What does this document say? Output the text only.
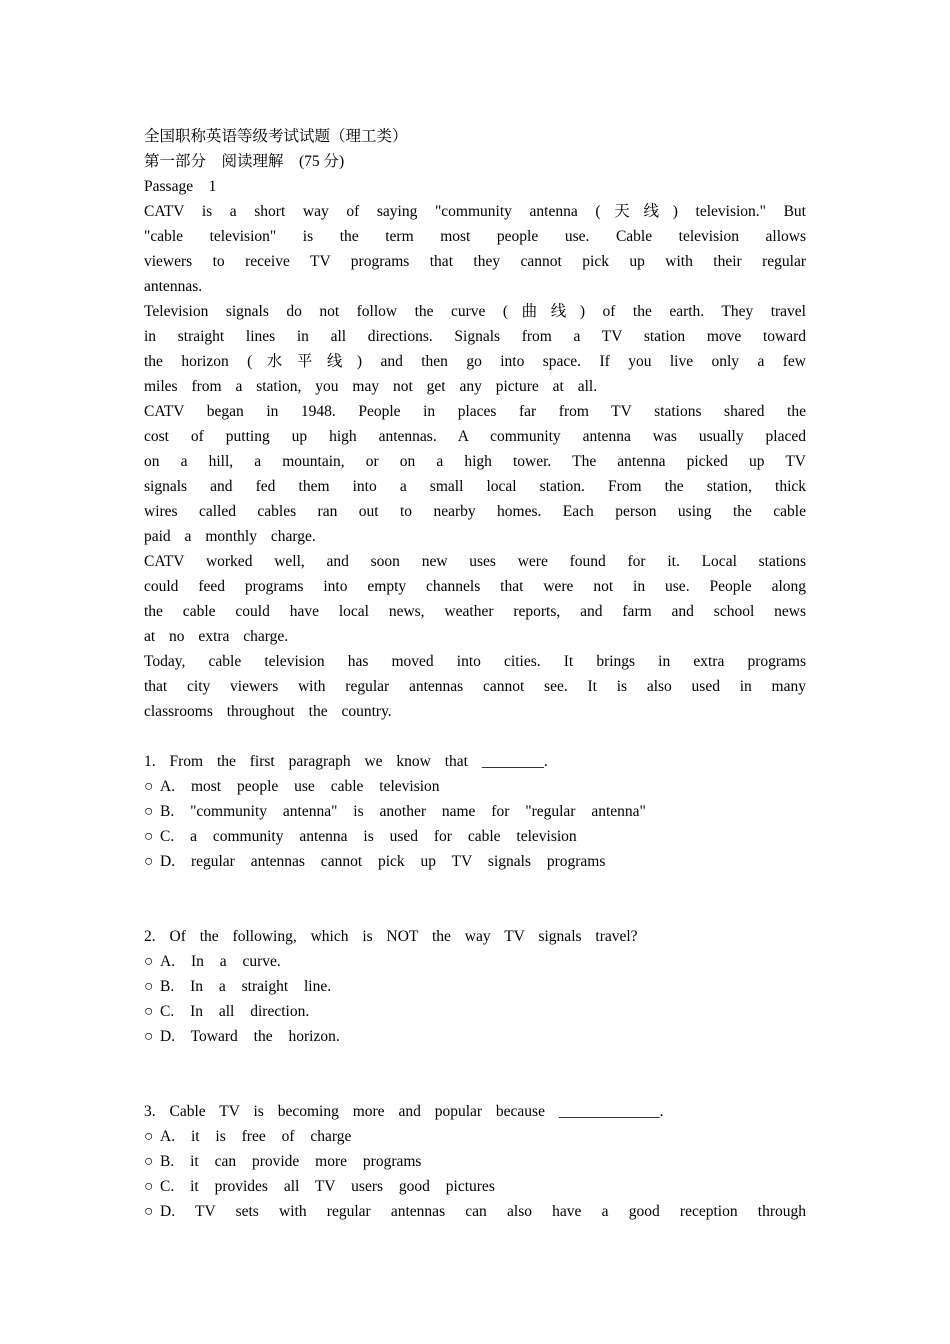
全国职称英语等级考试试题（理工类）
第一部分　阅读理解　(75 分)
Passage　1
CATV is a short way of saying "community antenna (天线) television." But
"cable television" is the term most people use. Cable television allows
viewers to receive TV programs that they cannot pick up with their regular
antennas.
Television signals do not follow the curve (曲线) of the earth. They travel
in straight lines in all directions. Signals from a TV station move toward
the horizon (水平线) and then go into space. If you live only a few
miles from a station, you may not get any picture at all.
CATV began in 1948. People in places far from TV stations shared the
cost of putting up high antennas. A community antenna was usually placed
on a hill, a mountain, or on a high tower. The antenna picked up TV
signals and fed them into a small local station. From the station, thick
wires called cables ran out to nearby homes. Each person using the cable
paid a monthly charge.
CATV worked well, and soon new uses were found for it. Local stations
could feed programs into empty channels that were not in use. People along
the cable could have local news, weather reports, and farm and school news
at no extra charge.
Today, cable television has moved into cities. It brings in extra programs
that city viewers with regular antennas cannot see. It is also used in many
classrooms throughout the country.
1. From the first paragraph we know that ________.
○ A. most people use cable television
○ B. "community antenna" is another name for "regular antenna"
○ C. a community antenna is used for cable television
○ D. regular antennas cannot pick up TV signals programs
2. Of the following, which is NOT the way TV signals travel?
○ A. In a curve.
○ B. In a straight line.
○ C. In all direction.
○ D. Toward the horizon.
3. Cable TV is becoming more and popular because _____________.
○ A. it is free of charge
○ B. it can provide more programs
○ C. it provides all TV users good pictures
○ D. TV sets with regular antennas can also have a good reception through
